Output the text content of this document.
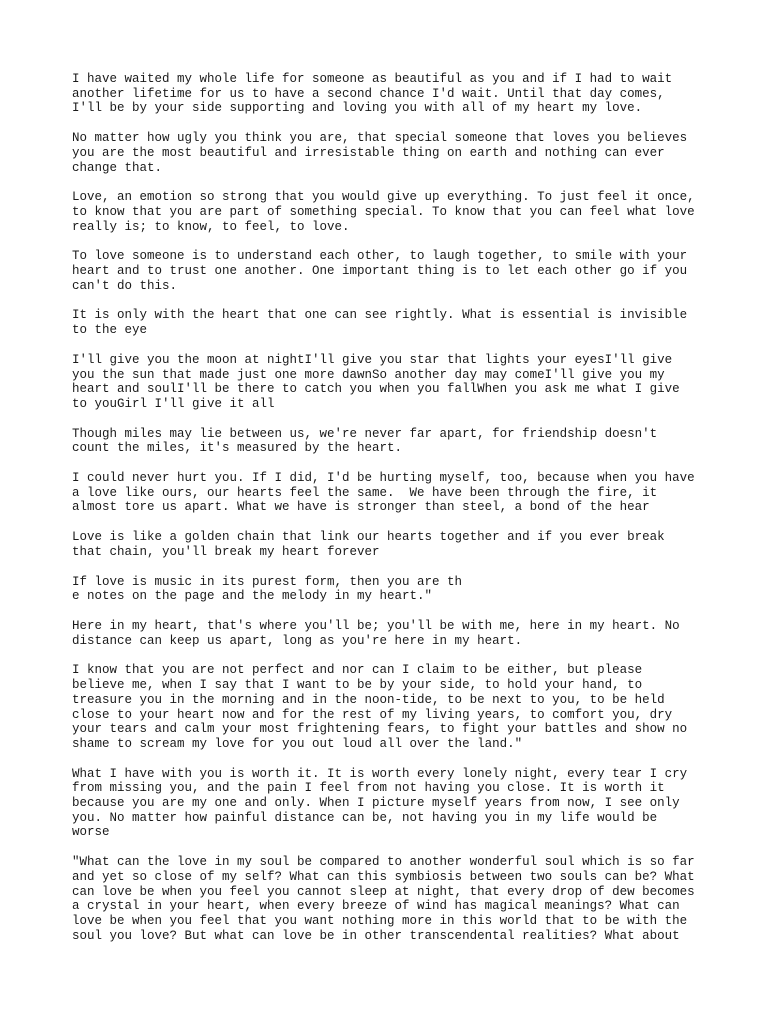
I have waited my whole life for someone as beautiful as you and if I had to wait
another lifetime for us to have a second chance I'd wait. Until that day comes,
I'll be by your side supporting and loving you with all of my heart my love.

No matter how ugly you think you are, that special someone that loves you believes
you are the most beautiful and irresistable thing on earth and nothing can ever
change that.

Love, an emotion so strong that you would give up everything. To just feel it once,
to know that you are part of something special. To know that you can feel what love
really is; to know, to feel, to love.

To love someone is to understand each other, to laugh together, to smile with your
heart and to trust one another. One important thing is to let each other go if you
can't do this.

It is only with the heart that one can see rightly. What is essential is invisible
to the eye

I'll give you the moon at nightI'll give you star that lights your eyesI'll give
you the sun that made just one more dawnSo another day may comeI'll give you my
heart and soulI'll be there to catch you when you fallWhen you ask me what I give
to youGirl I'll give it all

Though miles may lie between us, we're never far apart, for friendship doesn't
count the miles, it's measured by the heart.

I could never hurt you. If I did, I'd be hurting myself, too, because when you have
a love like ours, our hearts feel the same.  We have been through the fire, it
almost tore us apart. What we have is stronger than steel, a bond of the hear

Love is like a golden chain that link our hearts together and if you ever break
that chain, you'll break my heart forever

If love is music in its purest form, then you are th
e notes on the page and the melody in my heart."

Here in my heart, that's where you'll be; you'll be with me, here in my heart. No
distance can keep us apart, long as you're here in my heart.

I know that you are not perfect and nor can I claim to be either, but please
believe me, when I say that I want to be by your side, to hold your hand, to
treasure you in the morning and in the noon-tide, to be next to you, to be held
close to your heart now and for the rest of my living years, to comfort you, dry
your tears and calm your most frightening fears, to fight your battles and show no
shame to scream my love for you out loud all over the land."

What I have with you is worth it. It is worth every lonely night, every tear I cry
from missing you, and the pain I feel from not having you close. It is worth it
because you are my one and only. When I picture myself years from now, I see only
you. No matter how painful distance can be, not having you in my life would be
worse

"What can the love in my soul be compared to another wonderful soul which is so far
and yet so close of my self? What can this symbiosis between two souls can be? What
can love be when you feel you cannot sleep at night, that every drop of dew becomes
a crystal in your heart, when every breeze of wind has magical meanings? What can
love be when you feel that you want nothing more in this world that to be with the
soul you love? But what can love be in other transcendental realities? What about
